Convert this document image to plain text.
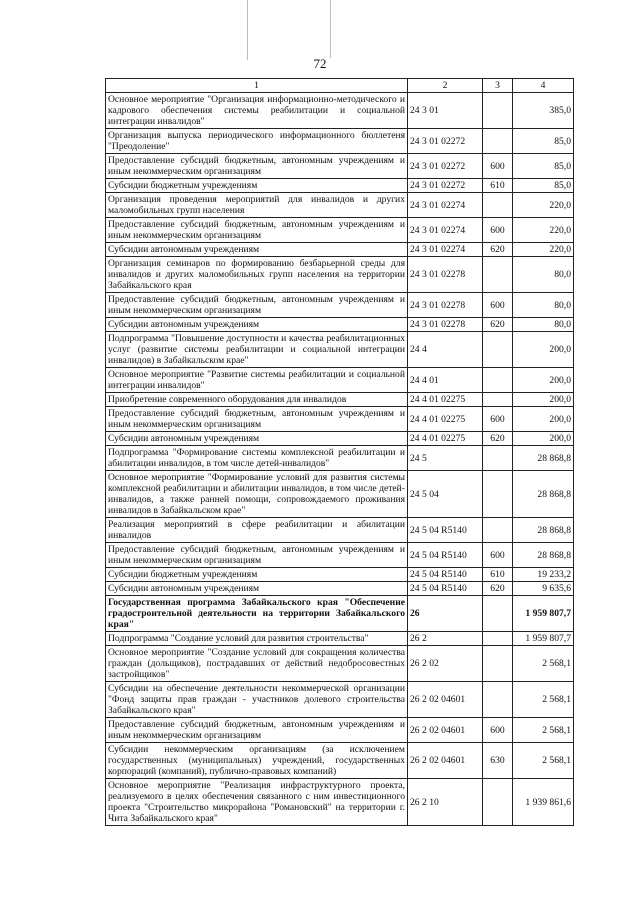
72
1	2	3	4
Основное мероприятие "Организация информационно-методического и кадрового обеспечения системы реабилитации и социальной интеграции инвалидов"	24 3 01		385,0
Организация выпуска периодического информационного бюллетеня "Преодоление"	24 3 01 02272		85,0
Предоставление субсидий бюджетным, автономным учреждениям и иным некоммерческим организациям	24 3 01 02272	600	85,0
Субсидии бюджетным учреждениям	24 3 01 02272	610	85,0
Организация проведения мероприятий для инвалидов и других маломобильных групп населения	24 3 01 02274		220,0
Предоставление субсидий бюджетным, автономным учреждениям и иным некоммерческим организациям	24 3 01 02274	600	220,0
Субсидии автономным учреждениям	24 3 01 02274	620	220,0
Организация семинаров по формированию безбарьерной среды для инвалидов и других маломобильных групп населения на территории Забайкальского края	24 3 01 02278		80,0
Предоставление субсидий бюджетным, автономным учреждениям и иным некоммерческим организациям	24 3 01 02278	600	80,0
Субсидии автономным учреждениям	24 3 01 02278	620	80,0
Подпрограмма "Повышение доступности и качества реабилитационных услуг (развитие системы реабилитации и социальной интеграции инвалидов) в Забайкальском крае"	24 4		200,0
Основное мероприятие "Развитие системы реабилитации и социальной интеграции инвалидов"	24 4 01		200,0
Приобретение современного оборудования для инвалидов	24 4 01 02275		200,0
Предоставление субсидий бюджетным, автономным учреждениям и иным некоммерческим организациям	24 4 01 02275	600	200,0
Субсидии автономным учреждениям	24 4 01 02275	620	200,0
Подпрограмма "Формирование системы комплексной реабилитации и абилитации инвалидов, в том числе детей-инвалидов"	24 5		28 868,8
Основное мероприятие "Формирование условий для развития системы комплексной реабилитации и абилитации инвалидов, в том числе детей-инвалидов, а также ранней помощи, сопровождаемого проживания инвалидов в Забайкальском крае"	24 5 04		28 868,8
Реализация мероприятий в сфере реабилитации и абилитации инвалидов	24 5 04 R5140		28 868,8
Предоставление субсидий бюджетным, автономным учреждениям и иным некоммерческим организациям	24 5 04 R5140	600	28 868,8
Субсидии бюджетным учреждениям	24 5 04 R5140	610	19 233,2
Субсидии автономным учреждениям	24 5 04 R5140	620	9 635,6
Государственная программа Забайкальского края "Обеспечение градостроительной деятельности на территории Забайкальского края"	26		1 959 807,7
Подпрограмма "Создание условий для развития строительства"	26 2		1 959 807,7
Основное мероприятие "Создание условий для сокращения количества граждан (дольщиков), пострадавших от действий недобросовестных застройщиков"	26 2 02		2 568,1
Субсидии на обеспечение деятельности некоммерческой организации "Фонд защиты прав граждан - участников долевого строительства Забайкальского края"	26 2 02 04601		2 568,1
Предоставление субсидий бюджетным, автономным учреждениям и иным некоммерческим организациям	26 2 02 04601	600	2 568,1
Субсидии некоммерческим организациям (за исключением государственных (муниципальных) учреждений, государственных корпораций (компаний), публично-правовых компаний)	26 2 02 04601	630	2 568,1
Основное мероприятие "Реализация инфраструктурного проекта, реализуемого в целях обеспечения связанного с ним инвестиционного проекта "Строительство микрорайона "Романовский" на территории г. Чита Забайкальского края"	26 2 10		1 939 861,6
